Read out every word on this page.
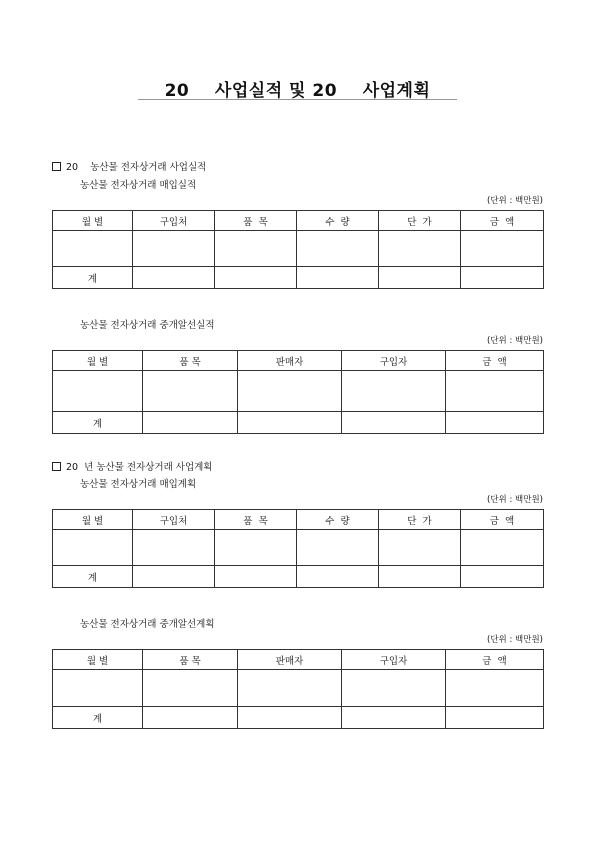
20    사업실적 및 20    사업계획
20    농산물 전자상거래 사업실적
농산물 전자상거래 매입실적
(단위 : 백만원)
월 별	구입처	품  목	수  량	단  가	금  액

계					
농산물 전자상거래 중개알선실적
(단위 : 백만원)
월 별	품 목	판매자	구입자	금  액

계				
20  년 농산물 전자상거래 사업계획
농산물 전자상거래 매입계획
(단위 : 백만원)
월 별	구입처	품  목	수  량	단  가	금  액

계					
농산물 전자상거래 중개알선계획
(단위 : 백만원)
월 별	품 목	판매자	구입자	금  액

계				
